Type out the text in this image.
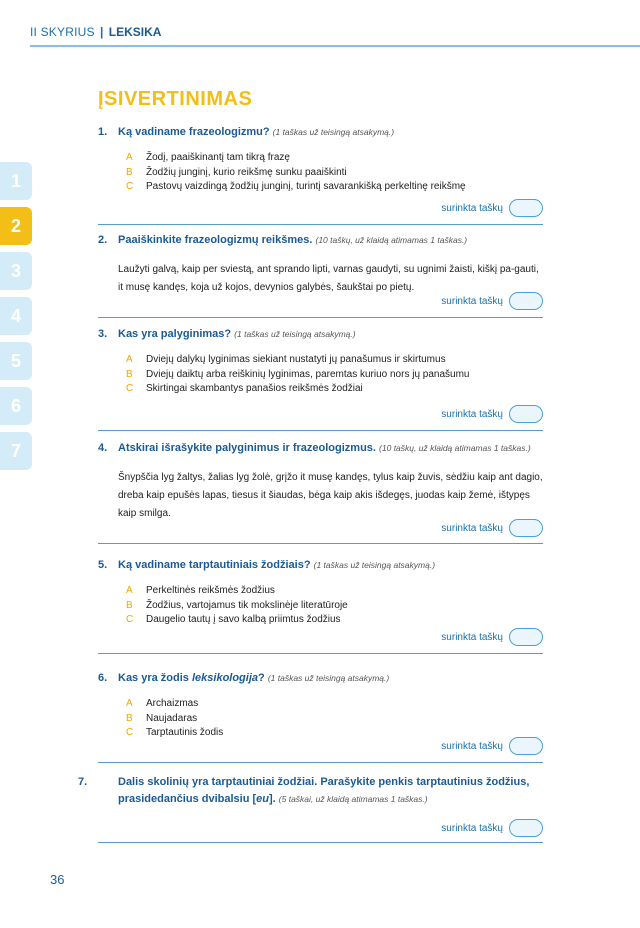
II SKYRIUS | LEKSIKA
1
2
3
4
5
6
7
ĮSIVERTINIMAS
1. Ką vadiname frazeologizmu? (1 taškas už teisingą atsakymą.)
A Žodį, paaiškinantį tam tikrą frazę
B Žodžių junginį, kurio reikšmę sunku paaiškinti
C Pastovų vaizdingą žodžių junginį, turintį savarankišką perkeltinę reikšmę
surinkta taškų
2. Paaiškinkite frazeologizmų reikšmes. (10 taškų, už klaidą atimamas 1 taškas.)
Laužyti galvą, kaip per sviestą, ant sprando lipti, varnas gaudyti, su ugnimi žaisti, kiškį pa-gauti, it musę kandęs, koja už kojos, devynios galybės, šaukštai po pietų.
surinkta taškų
3. Kas yra palyginimas? (1 taškas už teisingą atsakymą.)
A Dviejų dalykų lyginimas siekiant nustatyti jų panašumus ir skirtumus
B Dviejų daiktų arba reiškinių lyginimas, paremtas kuriuo nors jų panašumu
C Skirtingai skambantys panašios reikšmės žodžiai
surinkta taškų
4. Atskirai išrašykite palyginimus ir frazeologizmus. (10 taškų, už klaidą atimamas 1 taškas.)
Šnypščia lyg žaltys, žalias lyg žolė, grįžo it musę kandęs, tylus kaip žuvis, sėdžiu kaip ant dagio, dreba kaip epušės lapas, tiesus it šiaudas, bėga kaip akis išdegęs, juodas kaip žemė, ištypęs kaip smilga.
surinkta taškų
5. Ką vadiname tarptautiniais žodžiais? (1 taškas už teisingą atsakymą.)
A Perkeltinės reikšmės žodžius
B Žodžius, vartojamus tik mokslinėje literatūroje
C Daugelio tautų į savo kalbą priimtus žodžius
surinkta taškų
6. Kas yra žodis leksikologija? (1 taškas už teisingą atsakymą.)
A Archaizmas
B Naujadaras
C Tarptautinis žodis
surinkta taškų
7.	Dalis skolinių yra tarptautiniai žodžiai. Parašykite penkis tarptautinius žodžius, prasidedančius dvibalsiu [eu]. (5 taškai, už klaidą atimamas 1 taškas.)
surinkta taškų
36
